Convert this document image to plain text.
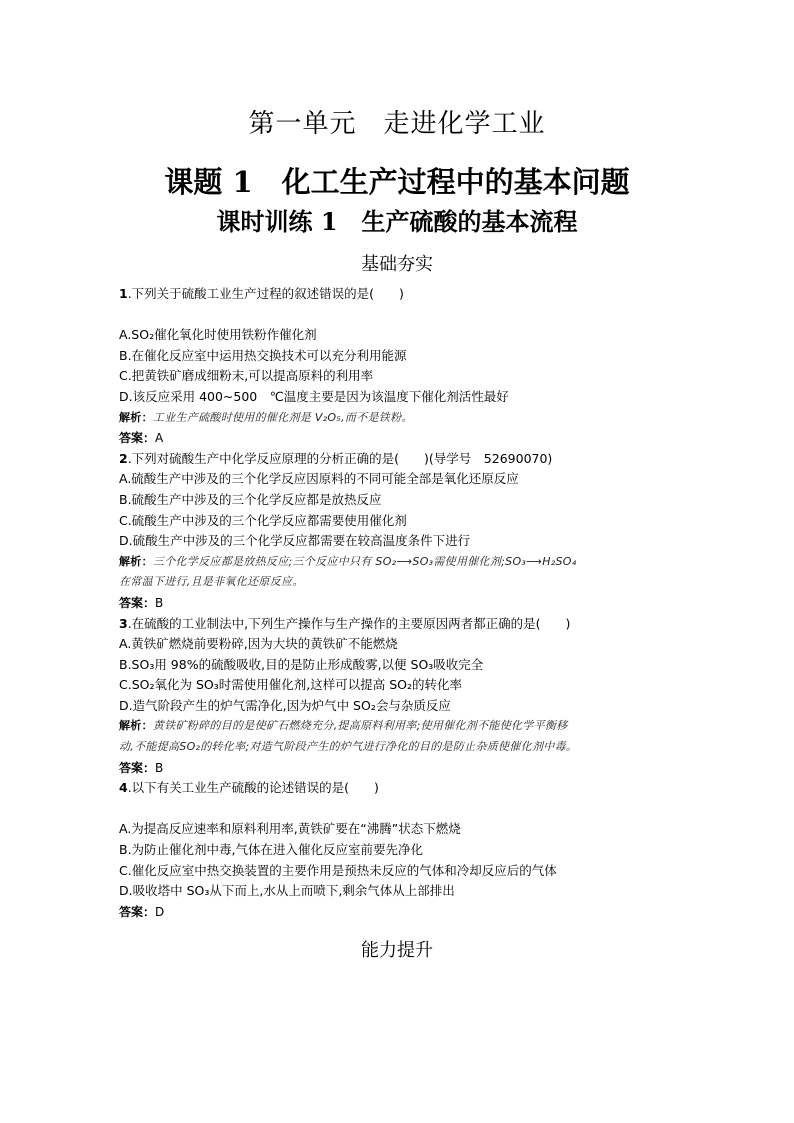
第一单元　走进化学工业
课题 1　化工生产过程中的基本问题
课时训练 1　生产硫酸的基本流程
基础夯实
1.下列关于硫酸工业生产过程的叙述错误的是(　　)
A.SO₂催化氧化时使用铁粉作催化剂
B.在催化反应室中运用热交换技术可以充分利用能源
C.把黄铁矿磨成细粉末,可以提高原料的利用率
D.该反应采用 400~500　℃温度主要是因为该温度下催化剂活性最好
解析：工业生产硫酸时使用的催化剂是 V₂O₅,而不是铁粉。
答案：A
2.下列对硫酸生产中化学反应原理的分析正确的是(　　)(导学号　52690070)
A.硫酸生产中涉及的三个化学反应因原料的不同可能全部是氧化还原反应
B.硫酸生产中涉及的三个化学反应都是放热反应
C.硫酸生产中涉及的三个化学反应都需要使用催化剂
D.硫酸生产中涉及的三个化学反应都需要在较高温度条件下进行
解析：三个化学反应都是放热反应;三个反应中只有 SO₂⟶SO₃需使用催化剂;SO₃⟶H₂SO₄
在常温下进行,且是非氧化还原反应。
答案：B
3.在硫酸的工业制法中,下列生产操作与生产操作的主要原因两者都正确的是(　　)
A.黄铁矿燃烧前要粉碎,因为大块的黄铁矿不能燃烧
B.SO₃用 98%的硫酸吸收,目的是防止形成酸雾,以便 SO₃吸收完全
C.SO₂氧化为 SO₃时需使用催化剂,这样可以提高 SO₂的转化率
D.造气阶段产生的炉气需净化,因为炉气中 SO₂会与杂质反应
解析：黄铁矿粉碎的目的是使矿石燃烧充分,提高原料利用率;使用催化剂不能使化学平衡移
动,不能提高SO₂的转化率;对造气阶段产生的炉气进行净化的目的是防止杂质使催化剂中毒。
答案：B
4.以下有关工业生产硫酸的论述错误的是(　　)
A.为提高反应速率和原料利用率,黄铁矿要在“沸腾”状态下燃烧
B.为防止催化剂中毒,气体在进入催化反应室前要先净化
C.催化反应室中热交换装置的主要作用是预热未反应的气体和冷却反应后的气体
D.吸收塔中 SO₃从下而上,水从上而喷下,剩余气体从上部排出
答案：D
能力提升
